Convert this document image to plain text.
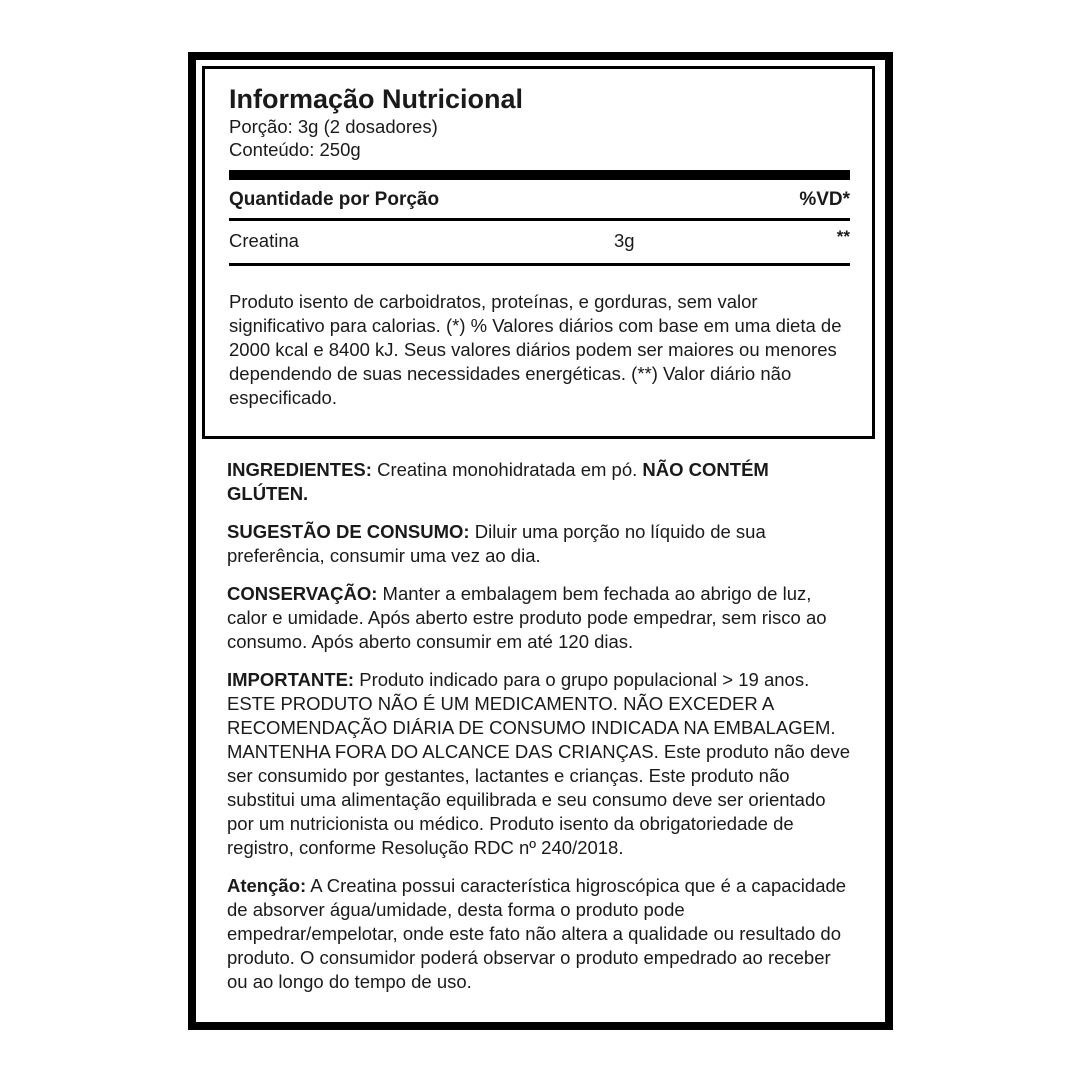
Informação Nutricional
Porção: 3g (2 dosadores)
Conteúdo: 250g
Quantidade por Porção	%VD*
Creatina	3g	**
Produto isento de carboidratos, proteínas, e gorduras, sem valor significativo para calorias. (*) % Valores diários com base em uma dieta de 2000 kcal e 8400 kJ. Seus valores diários podem ser maiores ou menores dependendo de suas necessidades energéticas. (**) Valor diário não especificado.

INGREDIENTES: Creatina monohidratada em pó. NÃO CONTÉM GLÚTEN.

SUGESTÃO DE CONSUMO: Diluir uma porção no líquido de sua preferência, consumir uma vez ao dia.

CONSERVAÇÃO: Manter a embalagem bem fechada ao abrigo de luz, calor e umidade. Após aberto estre produto pode empedrar, sem risco ao consumo. Após aberto consumir em até 120 dias.

IMPORTANTE: Produto indicado para o grupo populacional > 19 anos. ESTE PRODUTO NÃO É UM MEDICAMENTO. NÃO EXCEDER A RECOMENDAÇÃO DIÁRIA DE CONSUMO INDICADA NA EMBALAGEM. MANTENHA FORA DO ALCANCE DAS CRIANÇAS. Este produto não deve ser consumido por gestantes, lactantes e crianças. Este produto não substitui uma alimentação equilibrada e seu consumo deve ser orientado por um nutricionista ou médico. Produto isento da obrigatoriedade de registro, conforme Resolução RDC nº 240/2018.

Atenção: A Creatina possui característica higroscópica que é a capacidade de absorver água/umidade, desta forma o produto pode empedrar/empelotar, onde este fato não altera a qualidade ou resultado do produto. O consumidor poderá observar o produto empedrado ao receber ou ao longo do tempo de uso.
